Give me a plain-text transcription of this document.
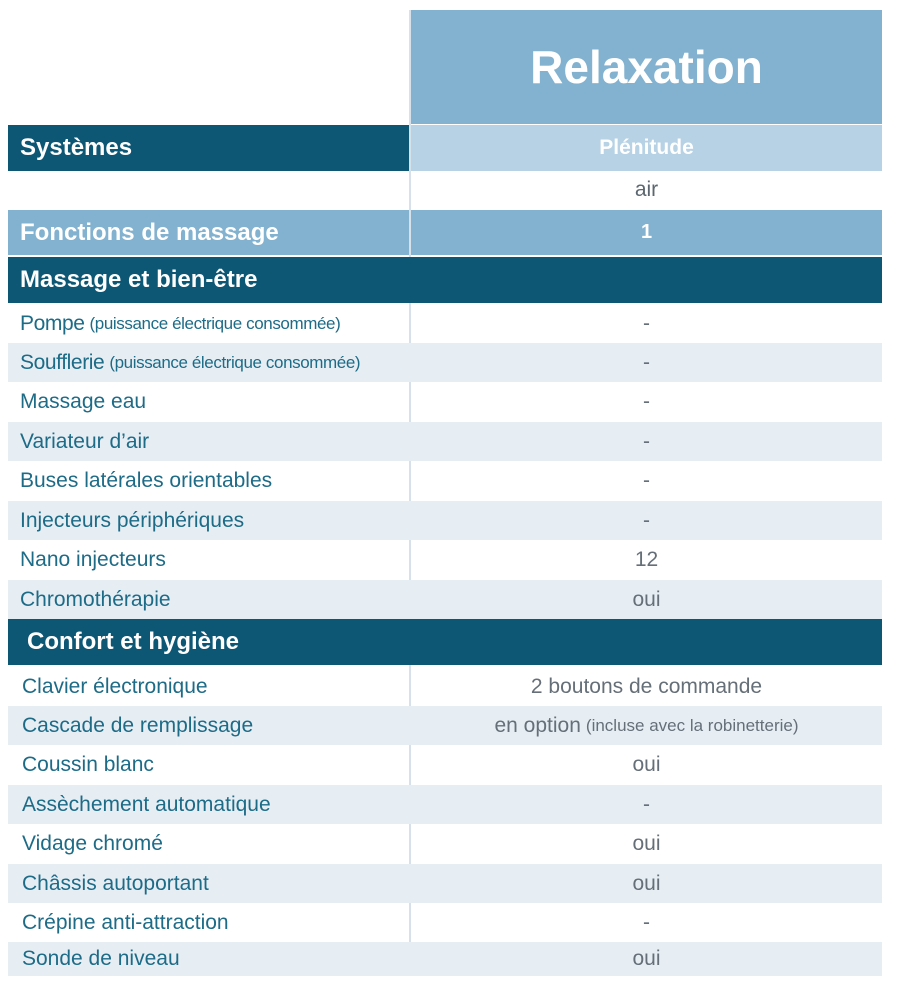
Relaxation
Systèmes	Plénitude
air
Fonctions de massage	1
Massage et bien-être
Pompe (puissance électrique consommée)	-
Soufflerie (puissance électrique consommée)	-
Massage eau	-
Variateur d’air	-
Buses latérales orientables	-
Injecteurs périphériques	-
Nano injecteurs	12
Chromothérapie	oui
Confort et hygiène
Clavier électronique	2 boutons de commande
Cascade de remplissage	en option (incluse avec la robinetterie)
Coussin blanc	oui
Assèchement automatique	-
Vidage chromé	oui
Châssis autoportant	oui
Crépine anti-attraction	-
Sonde de niveau	oui
